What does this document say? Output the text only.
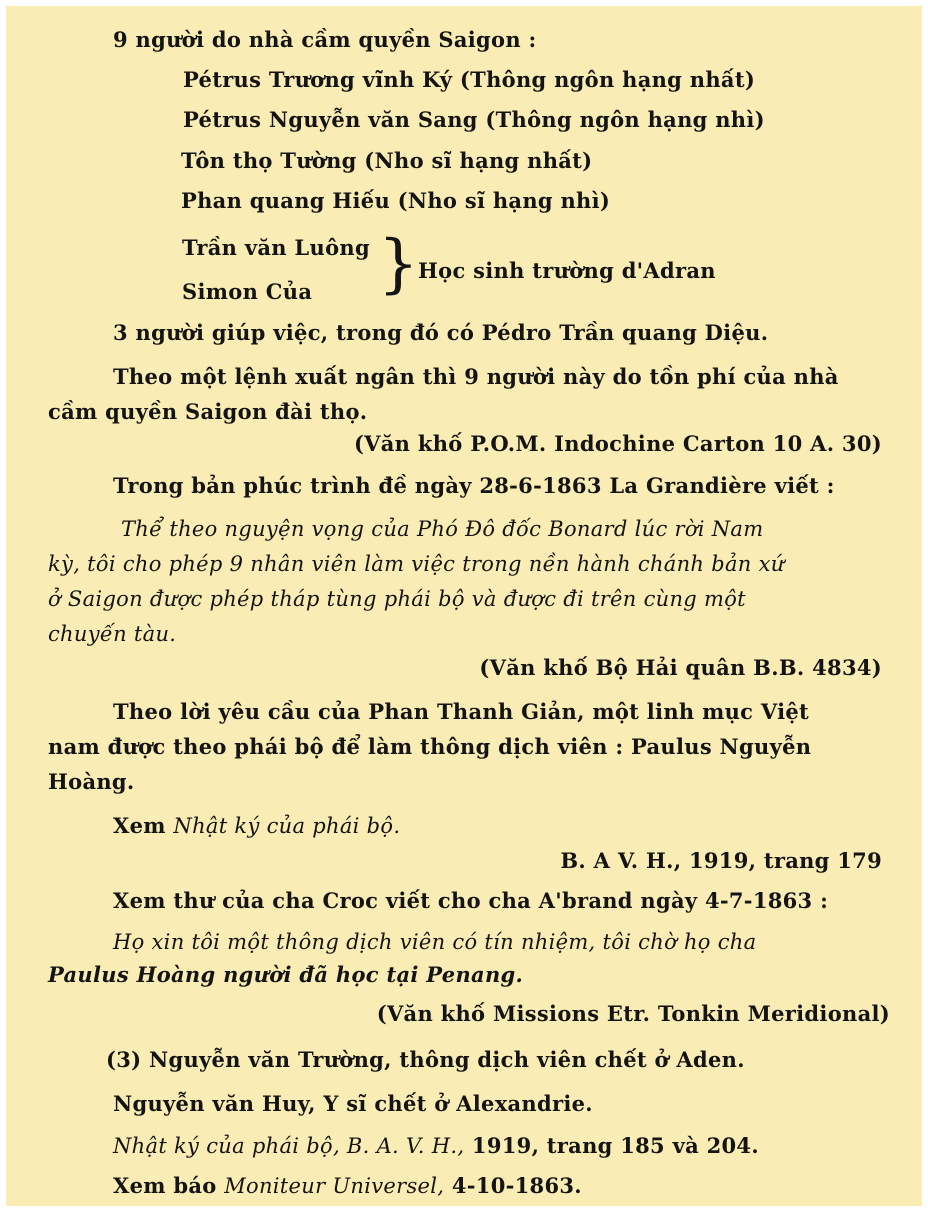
9 người do nhà cầm quyền Saigon :
Pétrus Trương vĩnh Ký (Thông ngôn hạng nhất)
Pétrus Nguyễn văn Sang (Thông ngôn hạng nhì)
Tôn thọ Tường (Nho sĩ hạng nhất)
Phan quang Hiếu (Nho sĩ hạng nhì)
Trần văn Luông
Simon Của }
Học sinh trường d'Adran
3 người giúp việc, trong đó có Pédro Trần quang Diệu.
Theo một lệnh xuất ngân thì 9 người này do tồn phí của nhà
cầm quyền Saigon đài thọ.
(Văn khố P.O.M. Indochine Carton 10 A. 30)
Trong bản phúc trình đề ngày 28-6-1863 La Grandière viết :
Thể theo nguyện vọng của Phó Đô đốc Bonard lúc rời Nam
kỳ, tôi cho phép 9 nhân viên làm việc trong nền hành chánh bản xứ
ở Saigon được phép tháp tùng phái bộ và được đi trên cùng một
chuyến tàu.
(Văn khố Bộ Hải quân B.B. 4834)
Theo lời yêu cầu của Phan Thanh Giản, một linh mục Việt
nam được theo phái bộ để làm thông dịch viên : Paulus Nguyễn
Hoàng.
Xem Nhật ký của phái bộ.
B. A V. H., 1919, trang 179
Xem thư của cha Croc viết cho cha A'brand ngày 4-7-1863 :
Họ xin tôi một thông dịch viên có tín nhiệm, tôi chờ họ cha
Paulus Hoàng người đã học tại Penang.
(Văn khố Missions Etr. Tonkin Meridional)
(3) Nguyễn văn Trường, thông dịch viên chết ở Aden.
Nguyễn văn Huy, Y sĩ chết ở Alexandrie.
Nhật ký của phái bộ, B. A. V. H., 1919, trang 185 và 204.
Xem báo Moniteur Universel, 4-10-1863.
